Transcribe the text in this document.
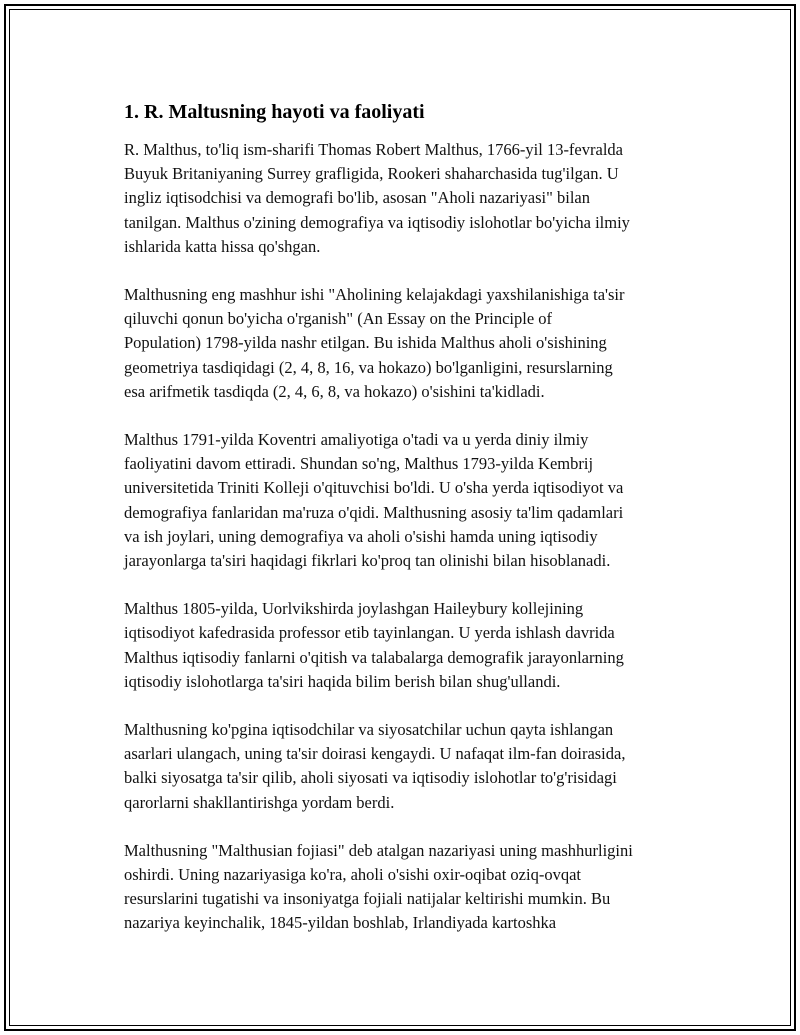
1. R. Maltusning hayoti va faoliyati

R. Malthus, to'liq ism-sharifi Thomas Robert Malthus, 1766-yil 13-fevralda
Buyuk Britaniyaning Surrey grafligida, Rookeri shaharchasida tug'ilgan. U
ingliz iqtisodchisi va demografi bo'lib, asosan "Aholi nazariyasi" bilan
tanilgan. Malthus o'zining demografiya va iqtisodiy islohotlar bo'yicha ilmiy
ishlarida katta hissa qo'shgan.

Malthusning eng mashhur ishi "Aholining kelajakdagi yaxshilanishiga ta'sir
qiluvchi qonun bo'yicha o'rganish" (An Essay on the Principle of
Population) 1798-yilda nashr etilgan. Bu ishida Malthus aholi o'sishining
geometriya tasdiqidagi (2, 4, 8, 16, va hokazo) bo'lganligini, resurslarning
esa arifmetik tasdiqda (2, 4, 6, 8, va hokazo) o'sishini ta'kidladi.

Malthus 1791-yilda Koventri amaliyotiga o'tadi va u yerda diniy ilmiy
faoliyatini davom ettiradi. Shundan so'ng, Malthus 1793-yilda Kembrij
universitetida Triniti Kolleji o'qituvchisi bo'ldi. U o'sha yerda iqtisodiyot va
demografiya fanlaridan ma'ruza o'qidi. Malthusning asosiy ta'lim qadamlari
va ish joylari, uning demografiya va aholi o'sishi hamda uning iqtisodiy
jarayonlarga ta'siri haqidagi fikrlari ko'proq tan olinishi bilan hisoblanadi.

Malthus 1805-yilda, Uorlvikshirda joylashgan Haileybury kollejining
iqtisodiyot kafedrasida professor etib tayinlangan. U yerda ishlash davrida
Malthus iqtisodiy fanlarni o'qitish va talabalarga demografik jarayonlarning
iqtisodiy islohotlarga ta'siri haqida bilim berish bilan shug'ullandi.

Malthusning ko'pgina iqtisodchilar va siyosatchilar uchun qayta ishlangan
asarlari ulangach, uning ta'sir doirasi kengaydi. U nafaqat ilm-fan doirasida,
balki siyosatga ta'sir qilib, aholi siyosati va iqtisodiy islohotlar to'g'risidagi
qarorlarni shakllantirishga yordam berdi.

Malthusning "Malthusian fojiasi" deb atalgan nazariyasi uning mashhurligini
oshirdi. Uning nazariyasiga ko'ra, aholi o'sishi oxir-oqibat oziq-ovqat
resurslarini tugatishi va insoniyatga fojiali natijalar keltirishi mumkin. Bu
nazariya keyinchalik, 1845-yildan boshlab, Irlandiyada kartoshka
